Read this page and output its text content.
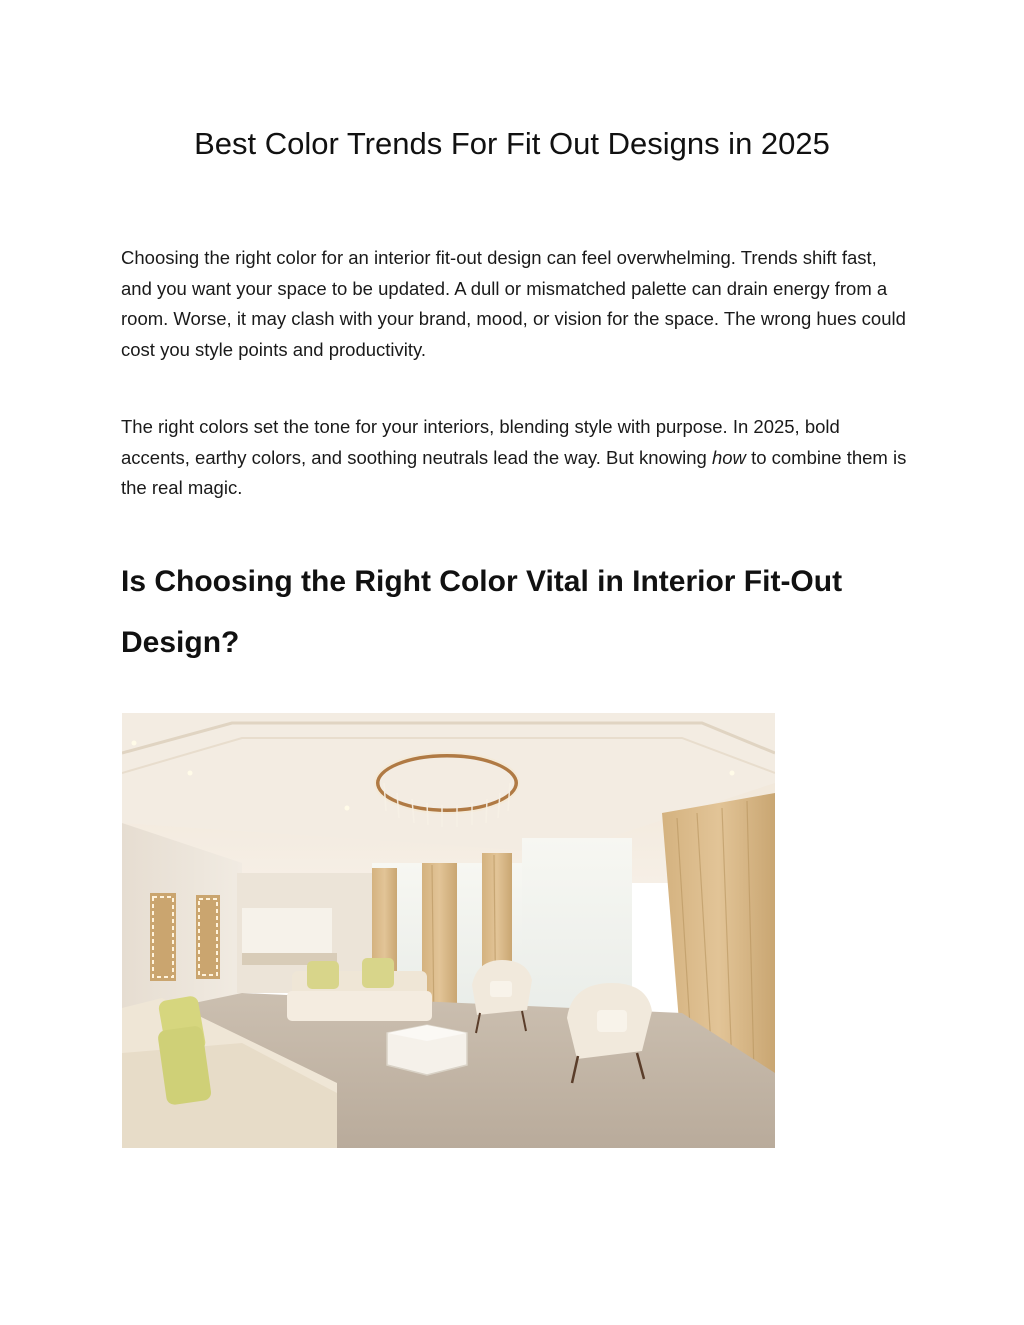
Best Color Trends For Fit Out Designs in 2025

Choosing the right color for an interior fit-out design can feel overwhelming. Trends shift fast, and you want your space to be updated. A dull or mismatched palette can drain energy from a room. Worse, it may clash with your brand, mood, or vision for the space. The wrong hues could cost you style points and productivity.

The right colors set the tone for your interiors, blending style with purpose. In 2025, bold accents, earthy colors, and soothing neutrals lead the way. But knowing how to combine them is the real magic.

Is Choosing the Right Color Vital in Interior Fit-Out Design?
